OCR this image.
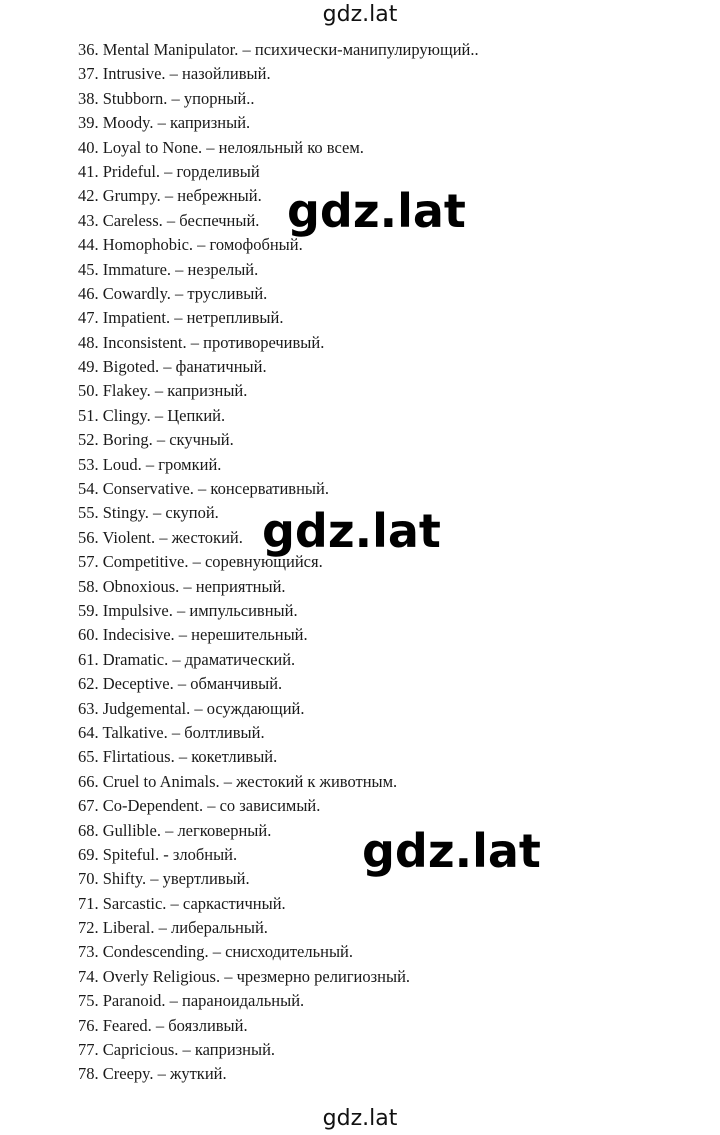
gdz.lat
36. Mental Manipulator. – психически-манипулирующий..
37. Intrusive. – назойливый.
38. Stubborn. – упорный..
39. Moody. – капризный.
40. Loyal to None. – нелояльный ко всем.
41. Prideful. – горделивый
42. Grumpy. – небрежный.
43. Careless. – беспечный.
44. Homophobic. – гомофобный.
45. Immature. – незрелый.
46. Cowardly. – трусливый.
47. Impatient. – нетрепливый.
48. Inconsistent. – противоречивый.
49. Bigoted. – фанатичный.
50. Flakey. – капризный.
51. Clingy. – Цепкий.
52. Boring. – скучный.
53. Loud. – громкий.
54. Conservative. – консервативный.
55. Stingy. – скупой.
56. Violent. – жестокий.
57. Competitive. – соревнующийся.
58. Obnoxious. – неприятный.
59. Impulsive. – импульсивный.
60. Indecisive. – нерешительный.
61. Dramatic. – драматический.
62. Deceptive. – обманчивый.
63. Judgemental. – осуждающий.
64. Talkative. – болтливый.
65. Flirtatious. – кокетливый.
66. Cruel to Animals. – жестокий к животным.
67. Co-Dependent. – со зависимый.
68. Gullible. – легковерный.
69. Spiteful. - злобный.
70. Shifty. – увертливый.
71. Sarcastic. – саркастичный.
72. Liberal. – либеральный.
73. Condescending. – снисходительный.
74. Overly Religious. – чрезмерно религиозный.
75. Paranoid. – параноидальный.
76. Feared. – боязливый.
77. Capricious. – капризный.
78. Creepy. – жуткий.
gdz.lat
gdz.lat
gdz.lat
gdz.lat
